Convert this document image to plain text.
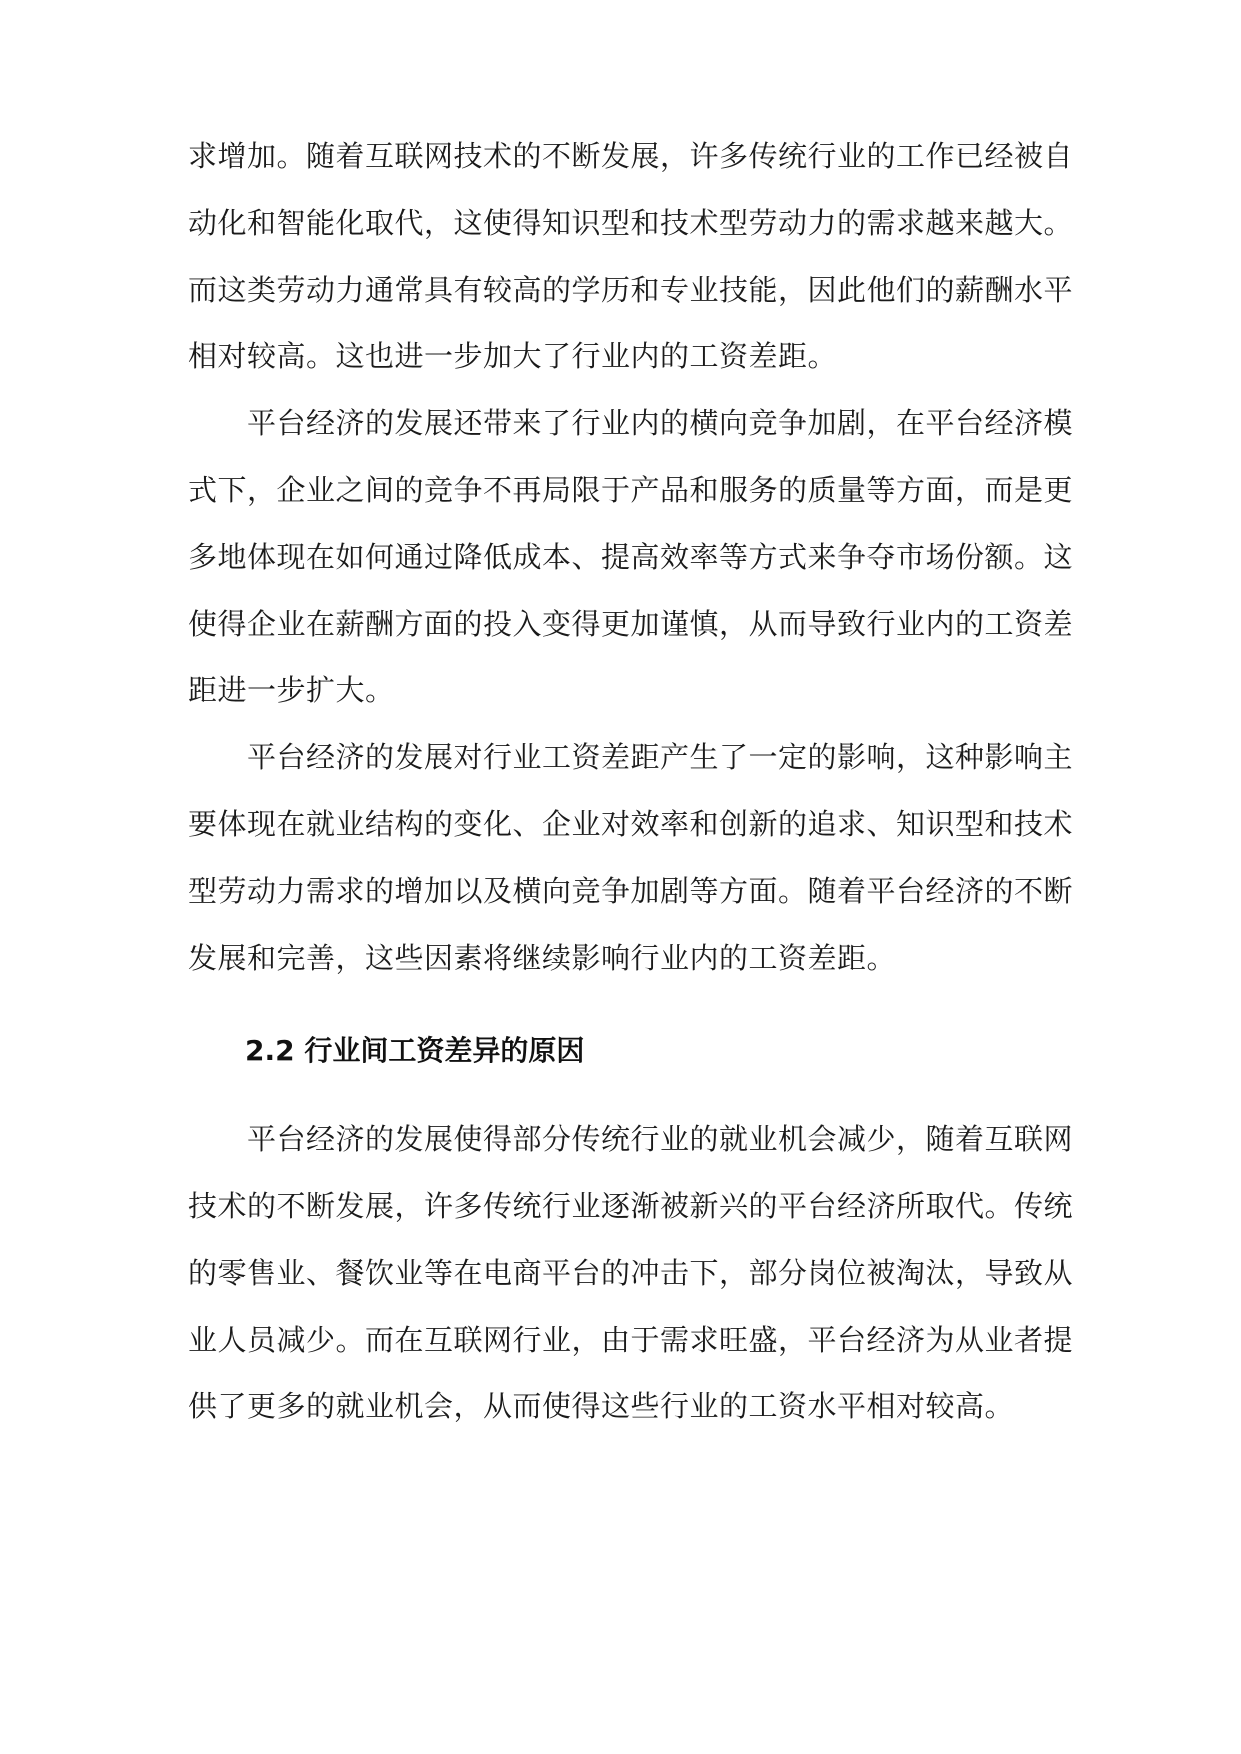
求增加。随着互联网技术的不断发展，许多传统行业的工作已经被自
动化和智能化取代，这使得知识型和技术型劳动力的需求越来越大。
而这类劳动力通常具有较高的学历和专业技能，因此他们的薪酬水平
相对较高。这也进一步加大了行业内的工资差距。
　　平台经济的发展还带来了行业内的横向竞争加剧，在平台经济模
式下，企业之间的竞争不再局限于产品和服务的质量等方面，而是更
多地体现在如何通过降低成本、提高效率等方式来争夺市场份额。这
使得企业在薪酬方面的投入变得更加谨慎，从而导致行业内的工资差
距进一步扩大。
　　平台经济的发展对行业工资差距产生了一定的影响，这种影响主
要体现在就业结构的变化、企业对效率和创新的追求、知识型和技术
型劳动力需求的增加以及横向竞争加剧等方面。随着平台经济的不断
发展和完善，这些因素将继续影响行业内的工资差距。
2.2 行业间工资差异的原因
　　平台经济的发展使得部分传统行业的就业机会减少，随着互联网
技术的不断发展，许多传统行业逐渐被新兴的平台经济所取代。传统
的零售业、餐饮业等在电商平台的冲击下，部分岗位被淘汰，导致从
业人员减少。而在互联网行业，由于需求旺盛，平台经济为从业者提
供了更多的就业机会，从而使得这些行业的工资水平相对较高。
